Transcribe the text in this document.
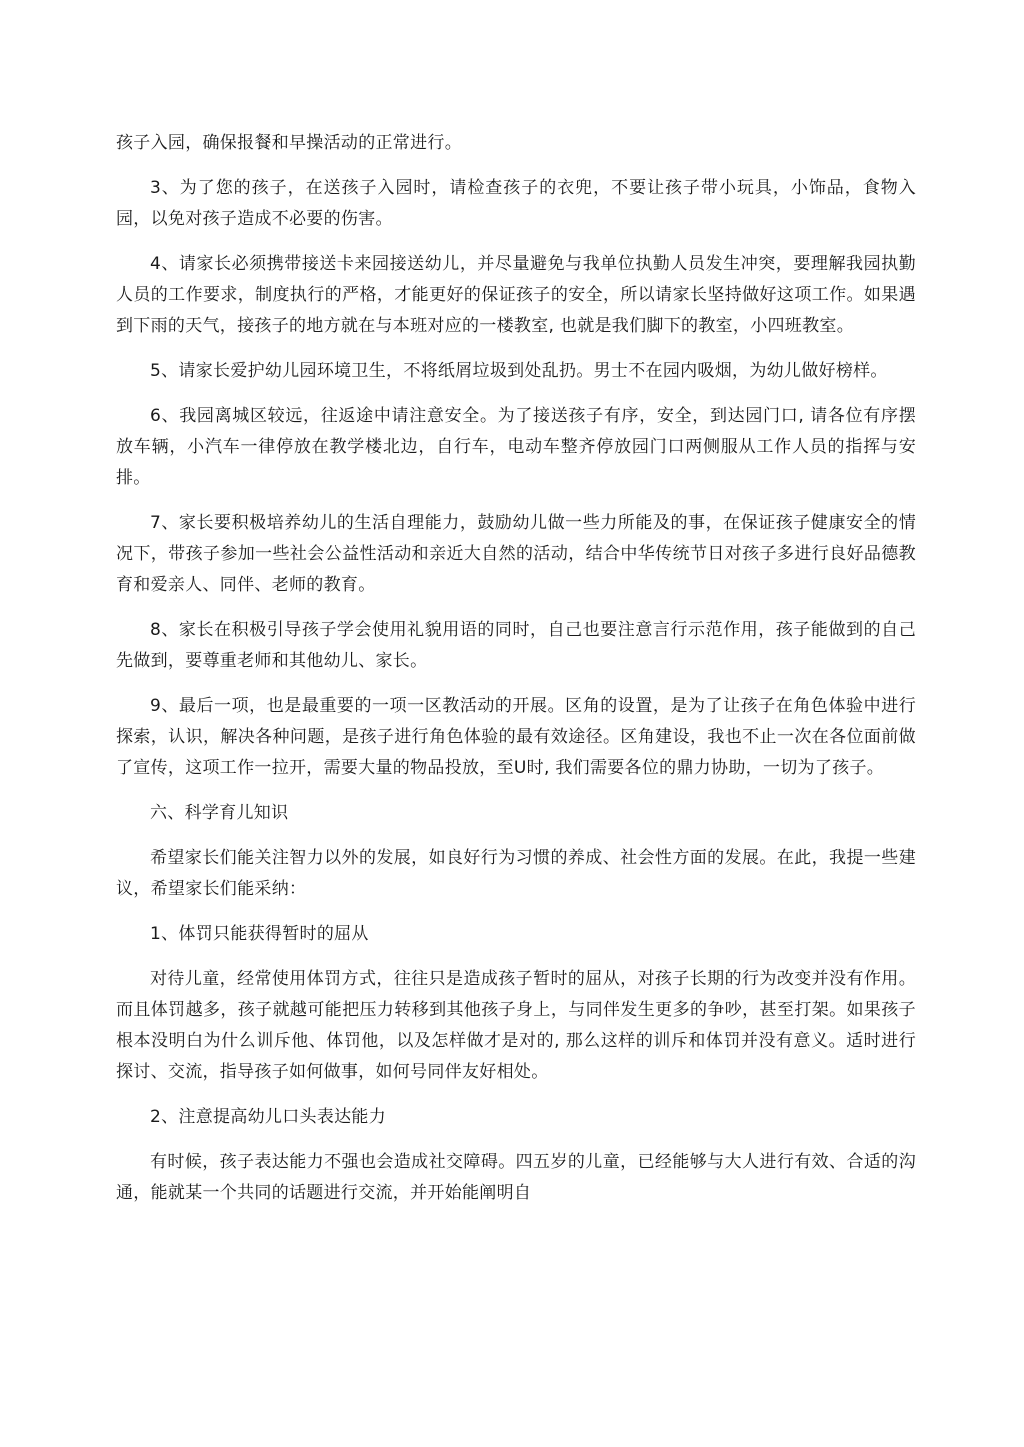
孩子入园，确保报餐和早操活动的正常进行。

3、为了您的孩子，在送孩子入园时，请检查孩子的衣兜，不要让孩子带小玩具，小饰品，食物入园，以免对孩子造成不必要的伤害。

4、请家长必须携带接送卡来园接送幼儿，并尽量避免与我单位执勤人员发生冲突，要理解我园执勤人员的工作要求，制度执行的严格，才能更好的保证孩子的安全，所以请家长坚持做好这项工作。如果遇到下雨的天气，接孩子的地方就在与本班对应的一楼教室, 也就是我们脚下的教室，小四班教室。

5、请家长爱护幼儿园环境卫生，不将纸屑垃圾到处乱扔。男士不在园内吸烟，为幼儿做好榜样。

6、我园离城区较远，往返途中请注意安全。为了接送孩子有序，安全，到达园门口, 请各位有序摆放车辆，小汽车一律停放在教学楼北边，自行车，电动车整齐停放园门口两侧服从工作人员的指挥与安排。

7、家长要积极培养幼儿的生活自理能力，鼓励幼儿做一些力所能及的事，在保证孩子健康安全的情况下，带孩子参加一些社会公益性活动和亲近大自然的活动，结合中华传统节日对孩子多进行良好品德教育和爱亲人、同伴、老师的教育。

8、家长在积极引导孩子学会使用礼貌用语的同时，自己也要注意言行示范作用，孩子能做到的自己先做到，要尊重老师和其他幼儿、家长。

9、最后一项，也是最重要的一项一区教活动的开展。区角的设置，是为了让孩子在角色体验中进行探索，认识，解决各种问题，是孩子进行角色体验的最有效途径。区角建设，我也不止一次在各位面前做了宣传，这项工作一拉开，需要大量的物品投放，至U时, 我们需要各位的鼎力协助，一切为了孩子。

六、科学育儿知识

希望家长们能关注智力以外的发展，如良好行为习惯的养成、社会性方面的发展。在此，我提一些建议，希望家长们能采纳：

1、体罚只能获得暂时的屈从

对待儿童，经常使用体罚方式，往往只是造成孩子暂时的屈从，对孩子长期的行为改变并没有作用。而且体罚越多，孩子就越可能把压力转移到其他孩子身上，与同伴发生更多的争吵，甚至打架。如果孩子根本没明白为什么训斥他、体罚他，以及怎样做才是对的, 那么这样的训斥和体罚并没有意义。适时进行探讨、交流，指导孩子如何做事，如何号同伴友好相处。

2、注意提高幼儿口头表达能力

有时候，孩子表达能力不强也会造成社交障碍。四五岁的儿童，已经能够与大人进行有效、合适的沟通，能就某一个共同的话题进行交流，并开始能阐明自
